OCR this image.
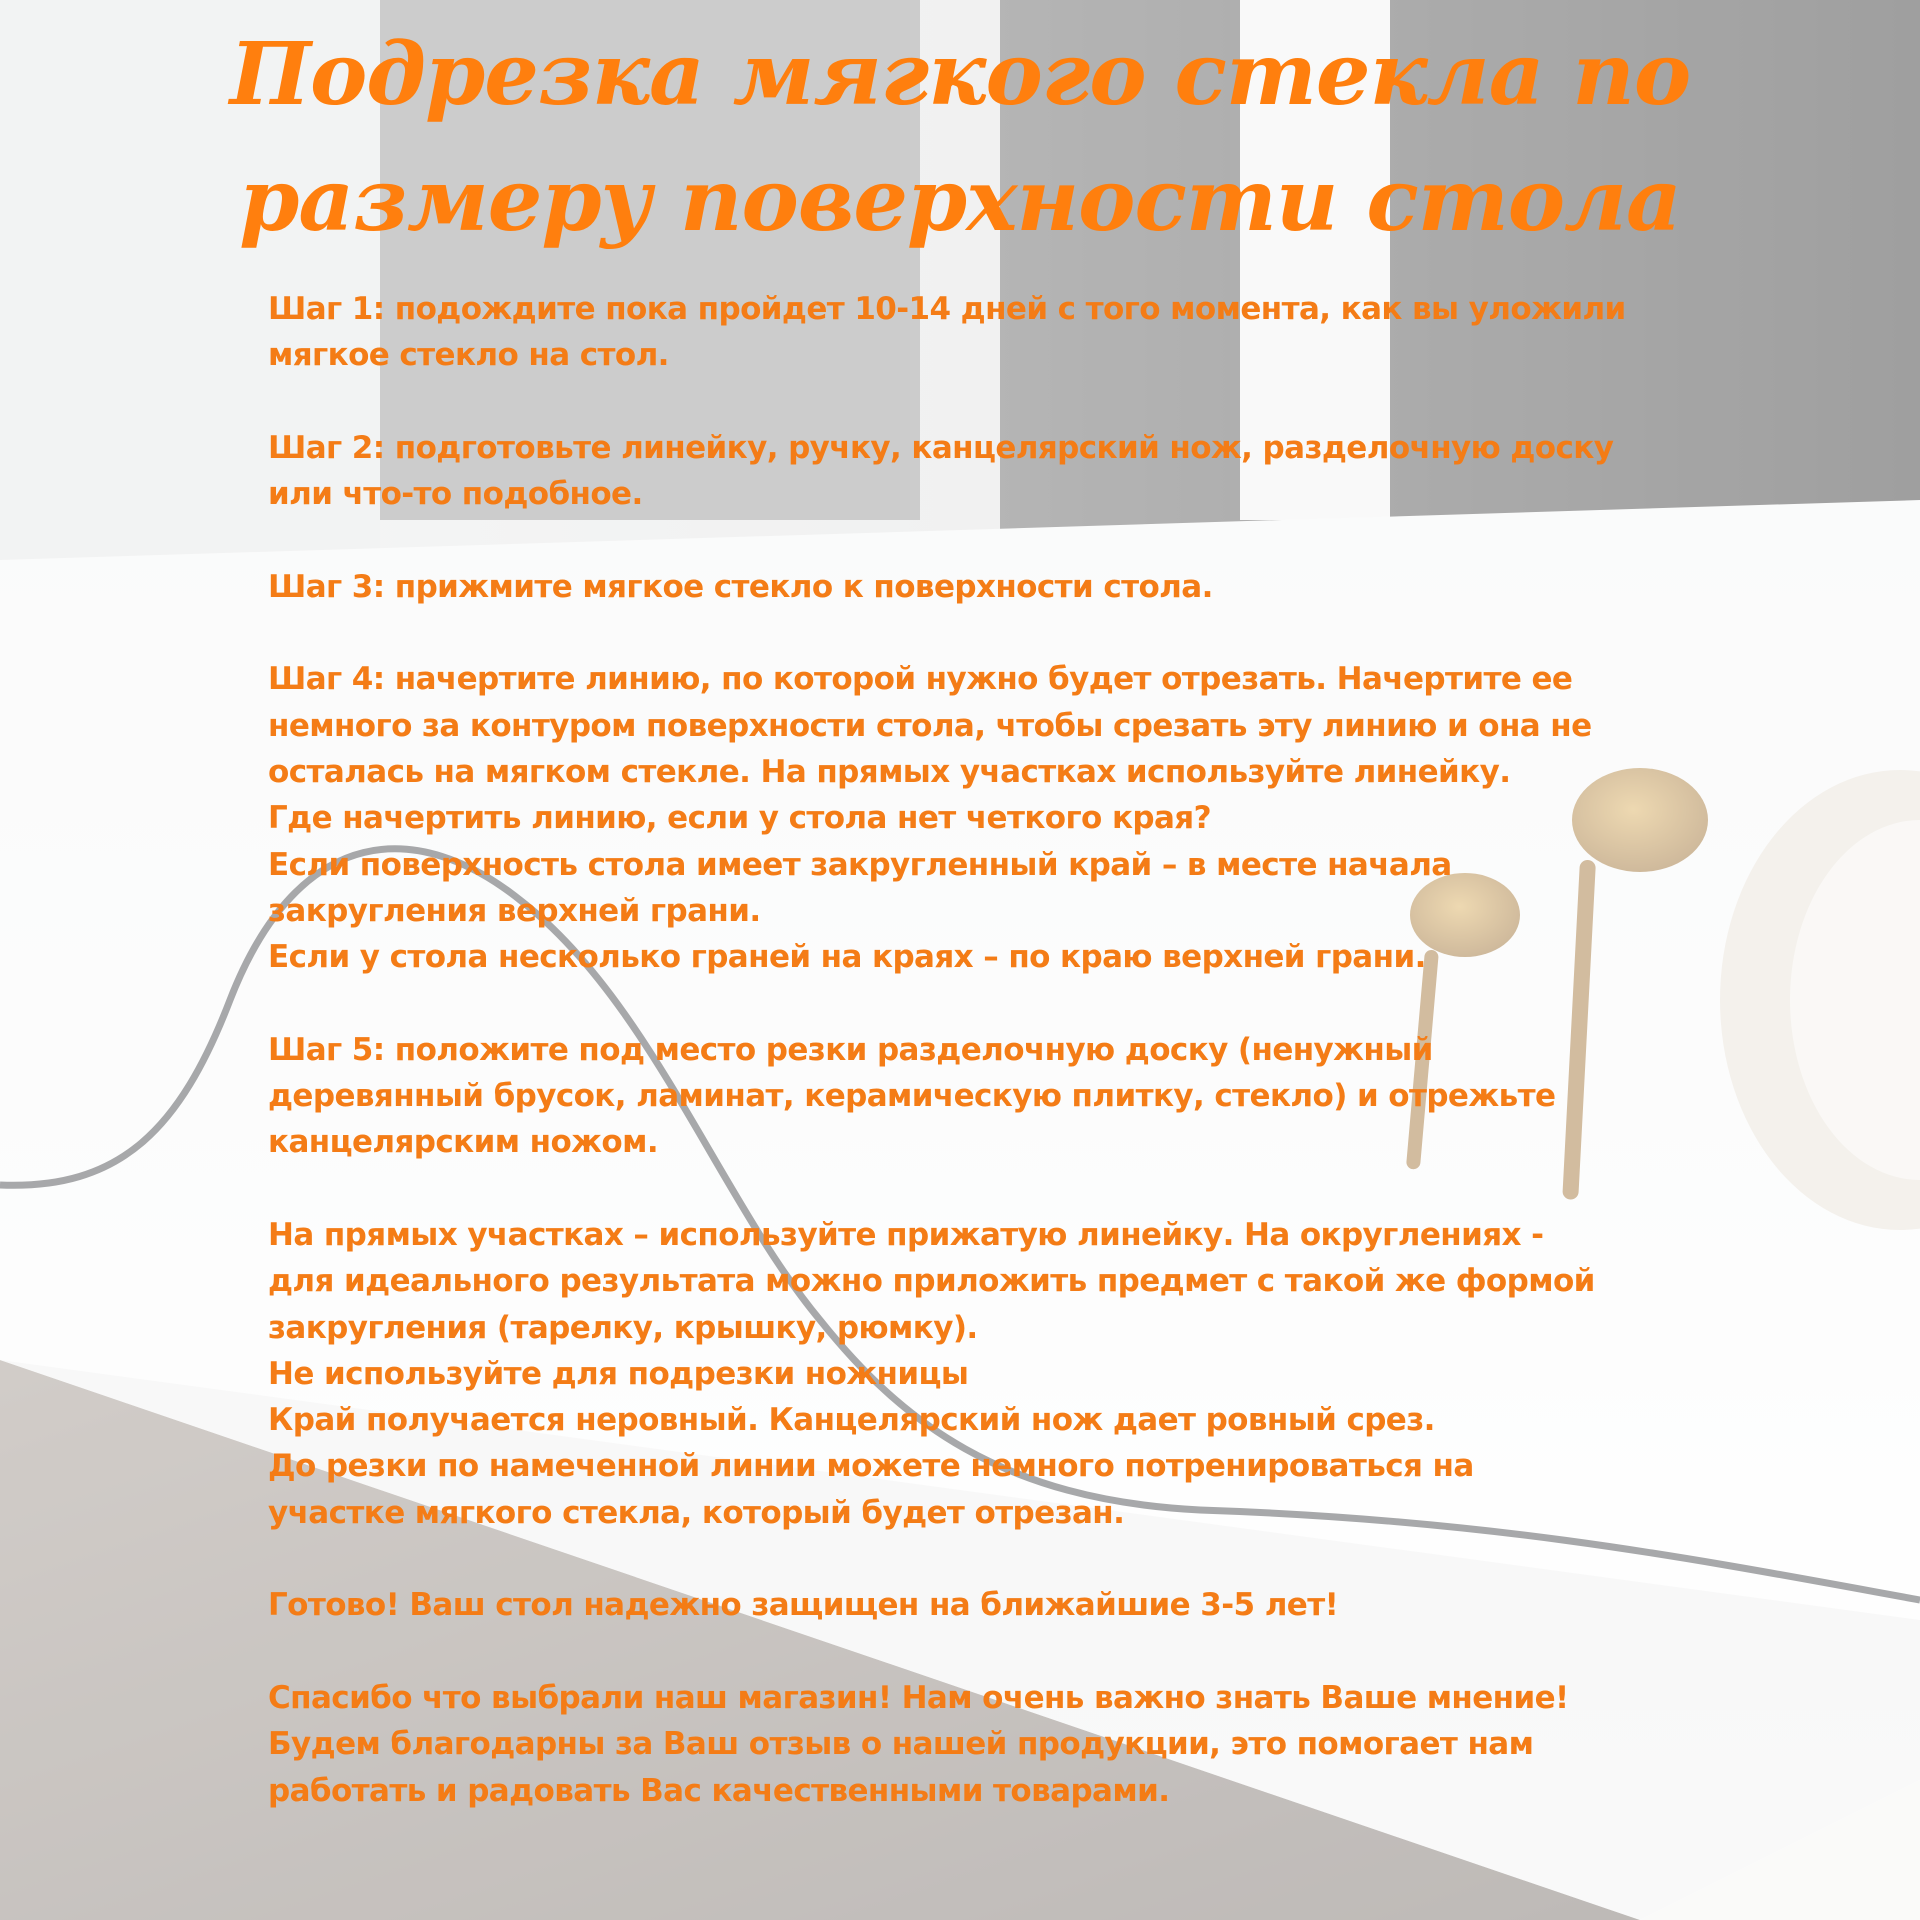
Подрезка мягкого стекла по
размеру поверхности стола

Шаг 1: подождите пока пройдет 10-14 дней с того момента, как вы уложили
мягкое стекло на стол.

Шаг 2: подготовьте линейку, ручку, канцелярский нож, разделочную доску
или что-то подобное.

Шаг 3: прижмите мягкое стекло к поверхности стола.

Шаг 4: начертите линию, по которой нужно будет отрезать. Начертите ее
немного за контуром поверхности стола, чтобы срезать эту линию и она не
осталась на мягком стекле. На прямых участках используйте линейку.
Где начертить линию, если у стола нет четкого края?
Если поверхность стола имеет закругленный край – в месте начала
закругления верхней грани.
Если у стола несколько граней на краях – по краю верхней грани.

Шаг 5: положите под место резки разделочную доску (ненужный
деревянный брусок, ламинат, керамическую плитку, стекло) и отрежьте
канцелярским ножом.

На прямых участках – используйте прижатую линейку. На округлениях -
для идеального результата можно приложить предмет с такой же формой
закругления (тарелку, крышку, рюмку).
Не используйте для подрезки ножницы
Край получается неровный. Канцелярский нож дает ровный срез.
До резки по намеченной линии можете немного потренироваться на
участке мягкого стекла, который будет отрезан.

Готово! Ваш стол надежно защищен на ближайшие 3-5 лет!

Спасибо что выбрали наш магазин! Нам очень важно знать Ваше мнение!
Будем благодарны за Ваш отзыв о нашей продукции, это помогает нам
работать и радовать Вас качественными товарами.
